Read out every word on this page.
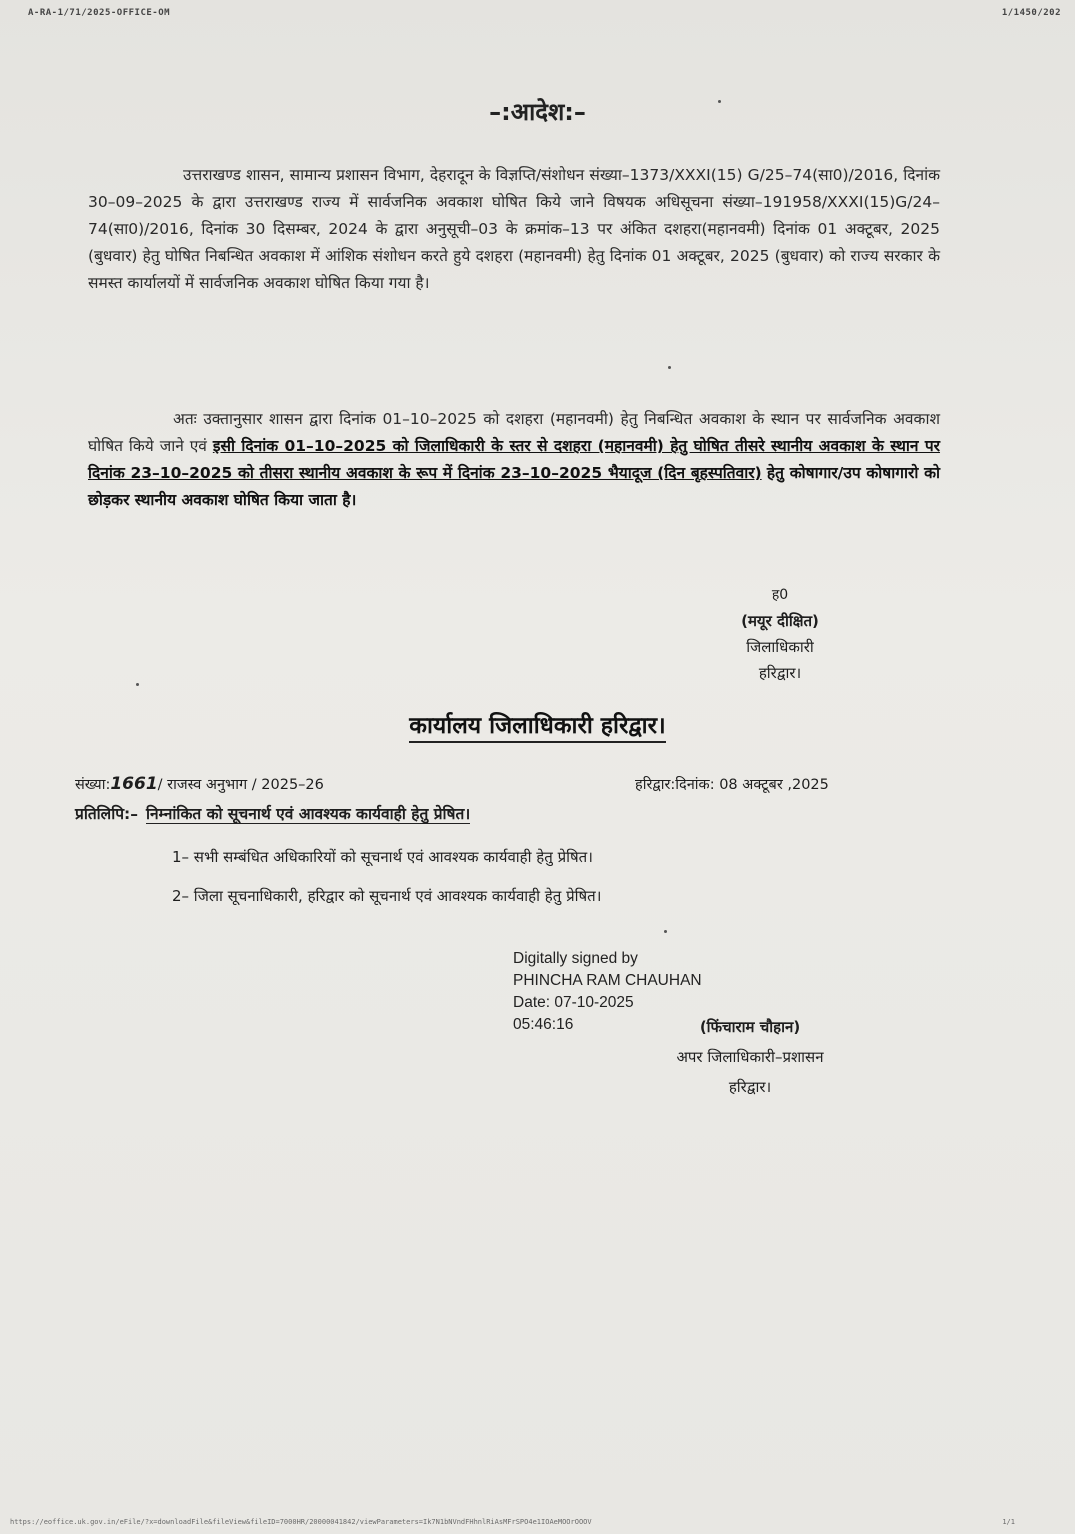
A-RA-1/71/2025-OFFICE-OM	1/1450/202
–:आदेश:–
उत्तराखण्ड शासन, सामान्य प्रशासन विभाग, देहरादून के विज्ञप्ति/संशोधन संख्या–1373/XXXI(15) G/25–74(सा0)/2016, दिनांक 30–09–2025 के द्वारा उत्तराखण्ड राज्य में सार्वजनिक अवकाश घोषित किये जाने विषयक अधिसूचना संख्या–191958/XXXI(15)G/24–74(सा0)/2016, दिनांक 30 दिसम्बर, 2024 के द्वारा अनुसूची–03 के क्रमांक–13 पर अंकित दशहरा(महानवमी) दिनांक 01 अक्टूबर, 2025 (बुधवार) हेतु घोषित निबन्धित अवकाश में आंशिक संशोधन करते हुये दशहरा (महानवमी) हेतु दिनांक 01 अक्टूबर, 2025 (बुधवार) को राज्य सरकार के समस्त कार्यालयों में सार्वजनिक अवकाश घोषित किया गया है।
अतः उक्तानुसार शासन द्वारा दिनांक 01–10–2025 को दशहरा (महानवमी) हेतु निबन्धित अवकाश के स्थान पर सार्वजनिक अवकाश घोषित किये जाने एवं इसी दिनांक 01–10–2025 को जिलाधिकारी के स्तर से दशहरा (महानवमी) हेतु घोषित तीसरे स्थानीय अवकाश के स्थान पर दिनांक 23–10–2025 को तीसरा स्थानीय अवकाश के रूप में दिनांक 23–10–2025 भैयादूज (दिन बृहस्पतिवार) हेतु कोषागार/उप कोषागारो को छोड़कर स्थानीय अवकाश घोषित किया जाता है।
ह0
(मयूर दीक्षित)
जिलाधिकारी
हरिद्वार।
कार्यालय जिलाधिकारी हरिद्वार।
संख्या:1661/ राजस्व अनुभाग / 2025–26	हरिद्वार:दिनांक: 08 अक्टूबर ,2025
प्रतिलिपि:– निम्नांकित को सूचनार्थ एवं आवश्यक कार्यवाही हेतु प्रेषित।
1– सभी सम्बंधित अधिकारियों को सूचनार्थ एवं आवश्यक कार्यवाही हेतु प्रेषित।
2– जिला सूचनाधिकारी, हरिद्वार को सूचनार्थ एवं आवश्यक कार्यवाही हेतु प्रेषित।
Digitally signed by
PHINCHA RAM CHAUHAN
Date: 07-10-2025
05:46:16	(फिंचाराम चौहान)
अपर जिलाधिकारी–प्रशासन
हरिद्वार।
https://eoffice.uk.gov.in/eFile/?x=downloadFile&fileView&fileID=7000HR/20000041842/viewParameters=Ik7N1bNVndFHhnlRiAsMFrSPO4e1IOAeMOOrOOOV	1/1
